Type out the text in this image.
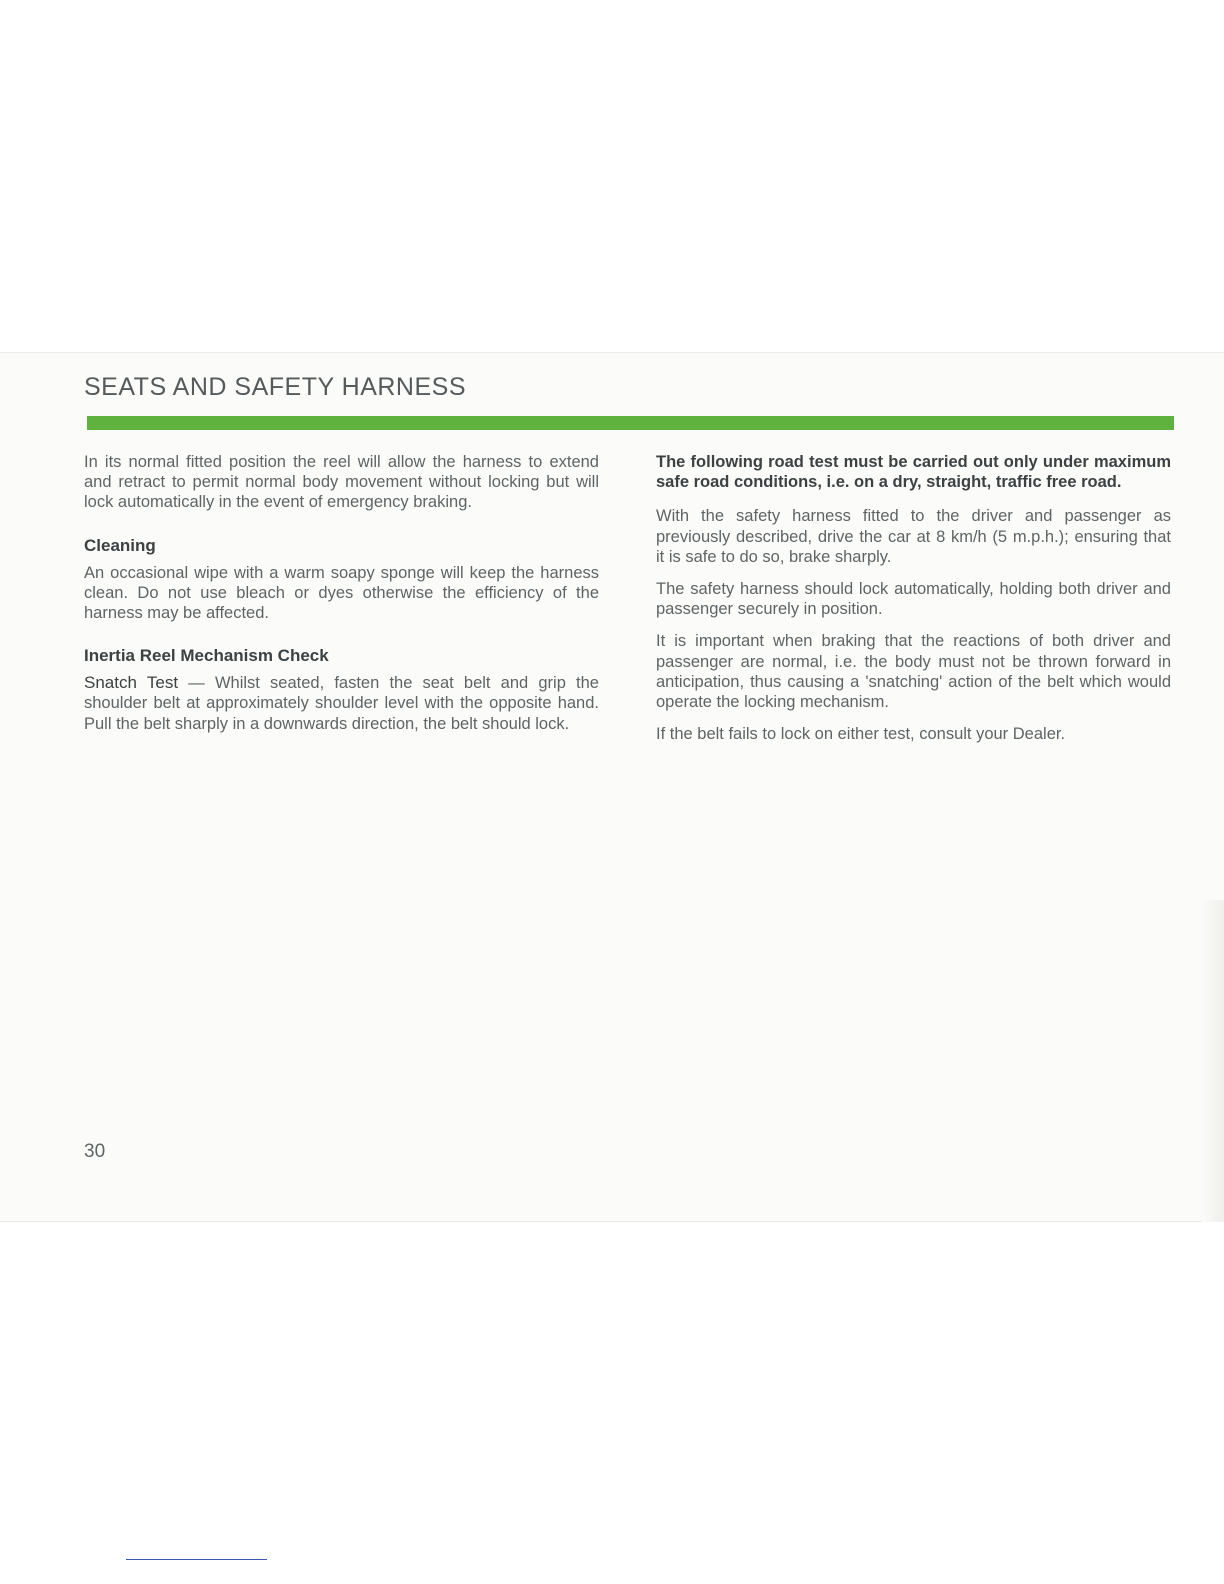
SEATS AND SAFETY HARNESS

In its normal fitted position the reel will allow the harness to extend and retract to permit normal body movement without locking but will lock automatically in the event of emergency braking.

Cleaning

An occasional wipe with a warm soapy sponge will keep the harness clean. Do not use bleach or dyes otherwise the efficiency of the harness may be affected.

Inertia Reel Mechanism Check

Snatch Test — Whilst seated, fasten the seat belt and grip the shoulder belt at approximately shoulder level with the opposite hand. Pull the belt sharply in a downwards direction, the belt should lock.

The following road test must be carried out only under maximum safe road conditions, i.e. on a dry, straight, traffic free road.

With the safety harness fitted to the driver and passenger as previously described, drive the car at 8 km/h (5 m.p.h.); ensuring that it is safe to do so, brake sharply.

The safety harness should lock automatically, holding both driver and passenger securely in position.

It is important when braking that the reactions of both driver and passenger are normal, i.e. the body must not be thrown forward in anticipation, thus causing a 'snatching' action of the belt which would operate the locking mechanism.

If the belt fails to lock on either test, consult your Dealer.

30
